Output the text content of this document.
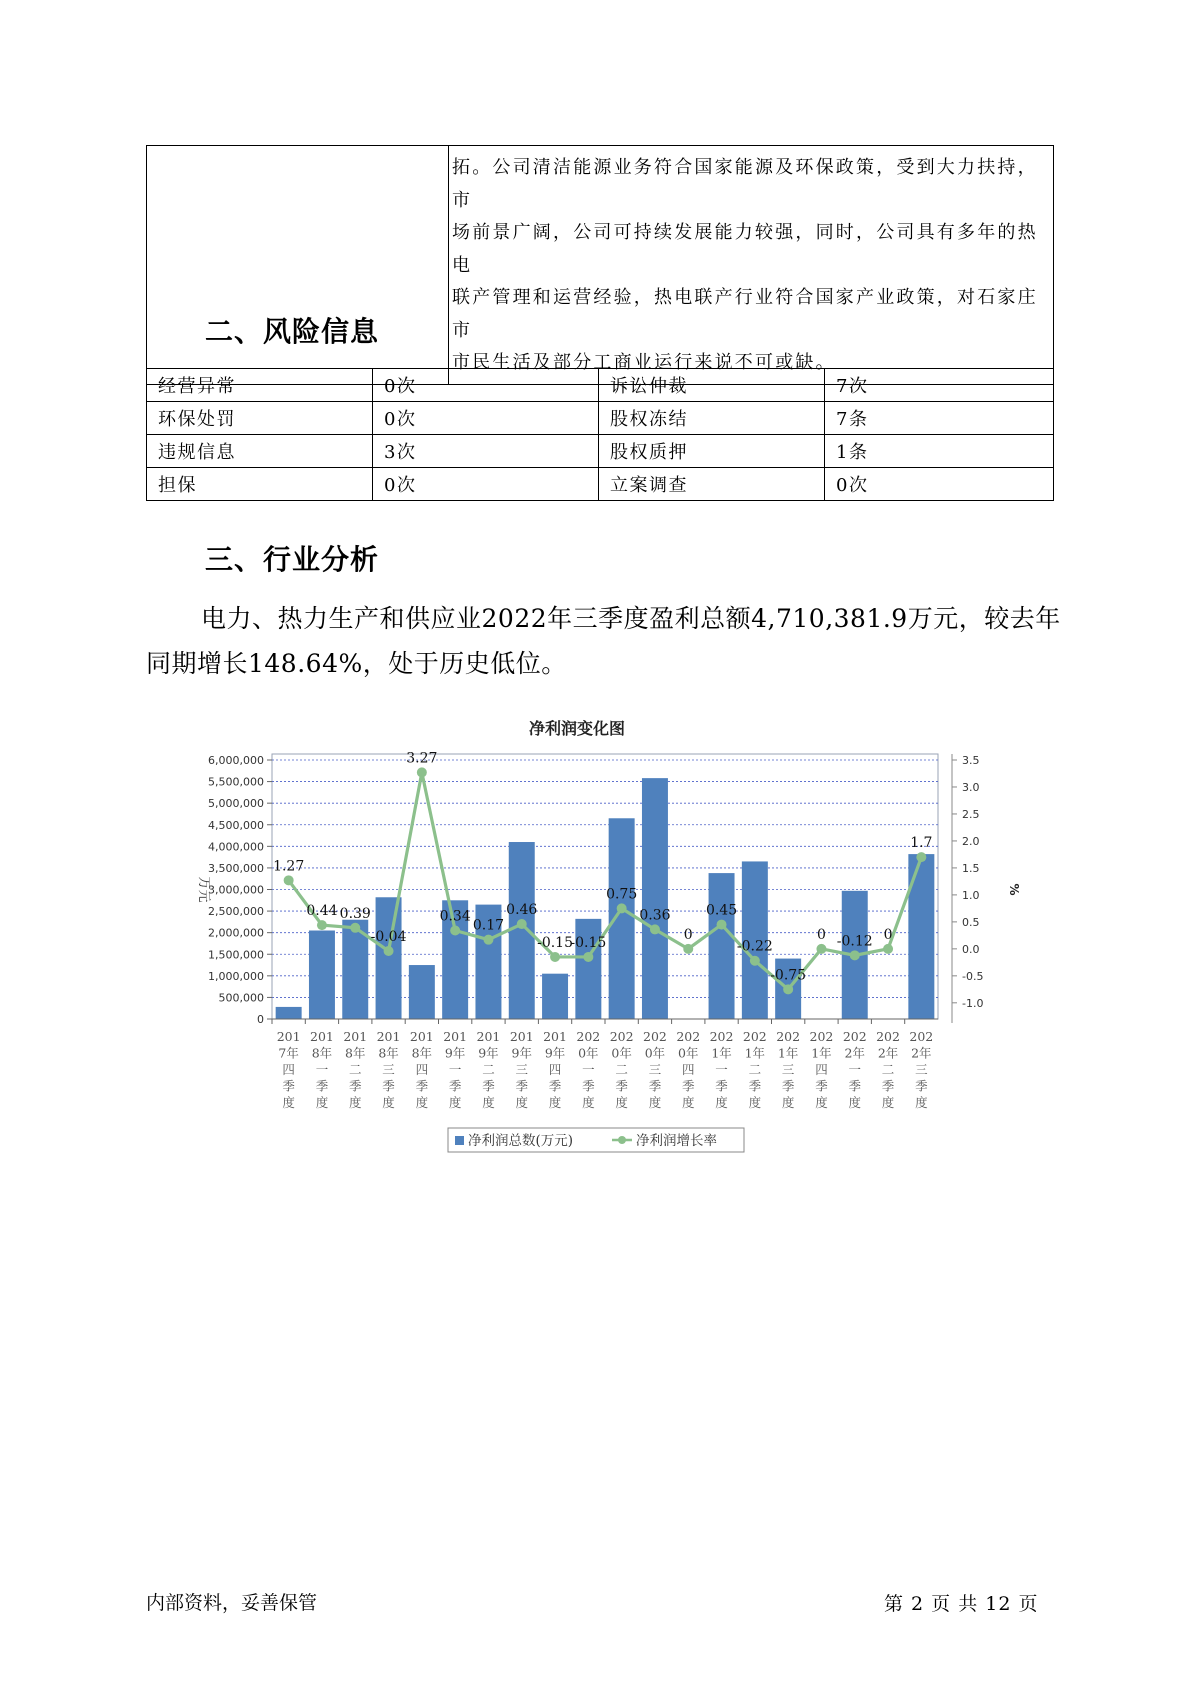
拓。公司清洁能源业务符合国家能源及环保政策，受到大力扶持，市
场前景广阔，公司可持续发展能力较强，同时，公司具有多年的热电
联产管理和运营经验，热电联产行业符合国家产业政策，对石家庄市
市民生活及部分工商业运行来说不可或缺。
二、风险信息
经营异常	0次	诉讼仲裁	7次
环保处罚	0次	股权冻结	7条
违规信息	3次	股权质押	1条
担保	0次	立案调查	0次
三、行业分析

电力、热力生产和供应业2022年三季度盈利总额4,710,381.9万元，较去年同期增长148.64%，处于历史低位。

净利润变化图
0
500,000
1,000,000
1,500,000
2,000,000
2,500,000
3,000,000
3,500,000
4,000,000
4,500,000
5,000,000
5,500,000
6,000,000
万元
-1.0
-0.5
0.0
0.5
1.0
1.5
2.0
2.5
3.0
3.5
%
201
7年
四
季
度
201
8年
一
季
度
201
8年
二
季
度
201
8年
三
季
度
201
8年
四
季
度
201
9年
一
季
度
201
9年
二
季
度
201
9年
三
季
度
201
9年
四
季
度
202
0年
一
季
度
202
0年
二
季
度
202
0年
三
季
度
202
0年
四
季
度
202
1年
一
季
度
202
1年
二
季
度
202
1年
三
季
度
202
1年
四
季
度
202
2年
一
季
度
202
2年
二
季
度
202
2年
三
季
度
1.27
0.44 0.39
-0.04
3.27
0.34
0.17
0.46
-0.15
-0.15
0.75
0.36
0
0.45
-0.22
-0.75
0 -0.12 0
1.7
净利润总数(万元)	净利润增长率
内部资料，妥善保管	第 2 页 共 12 页
